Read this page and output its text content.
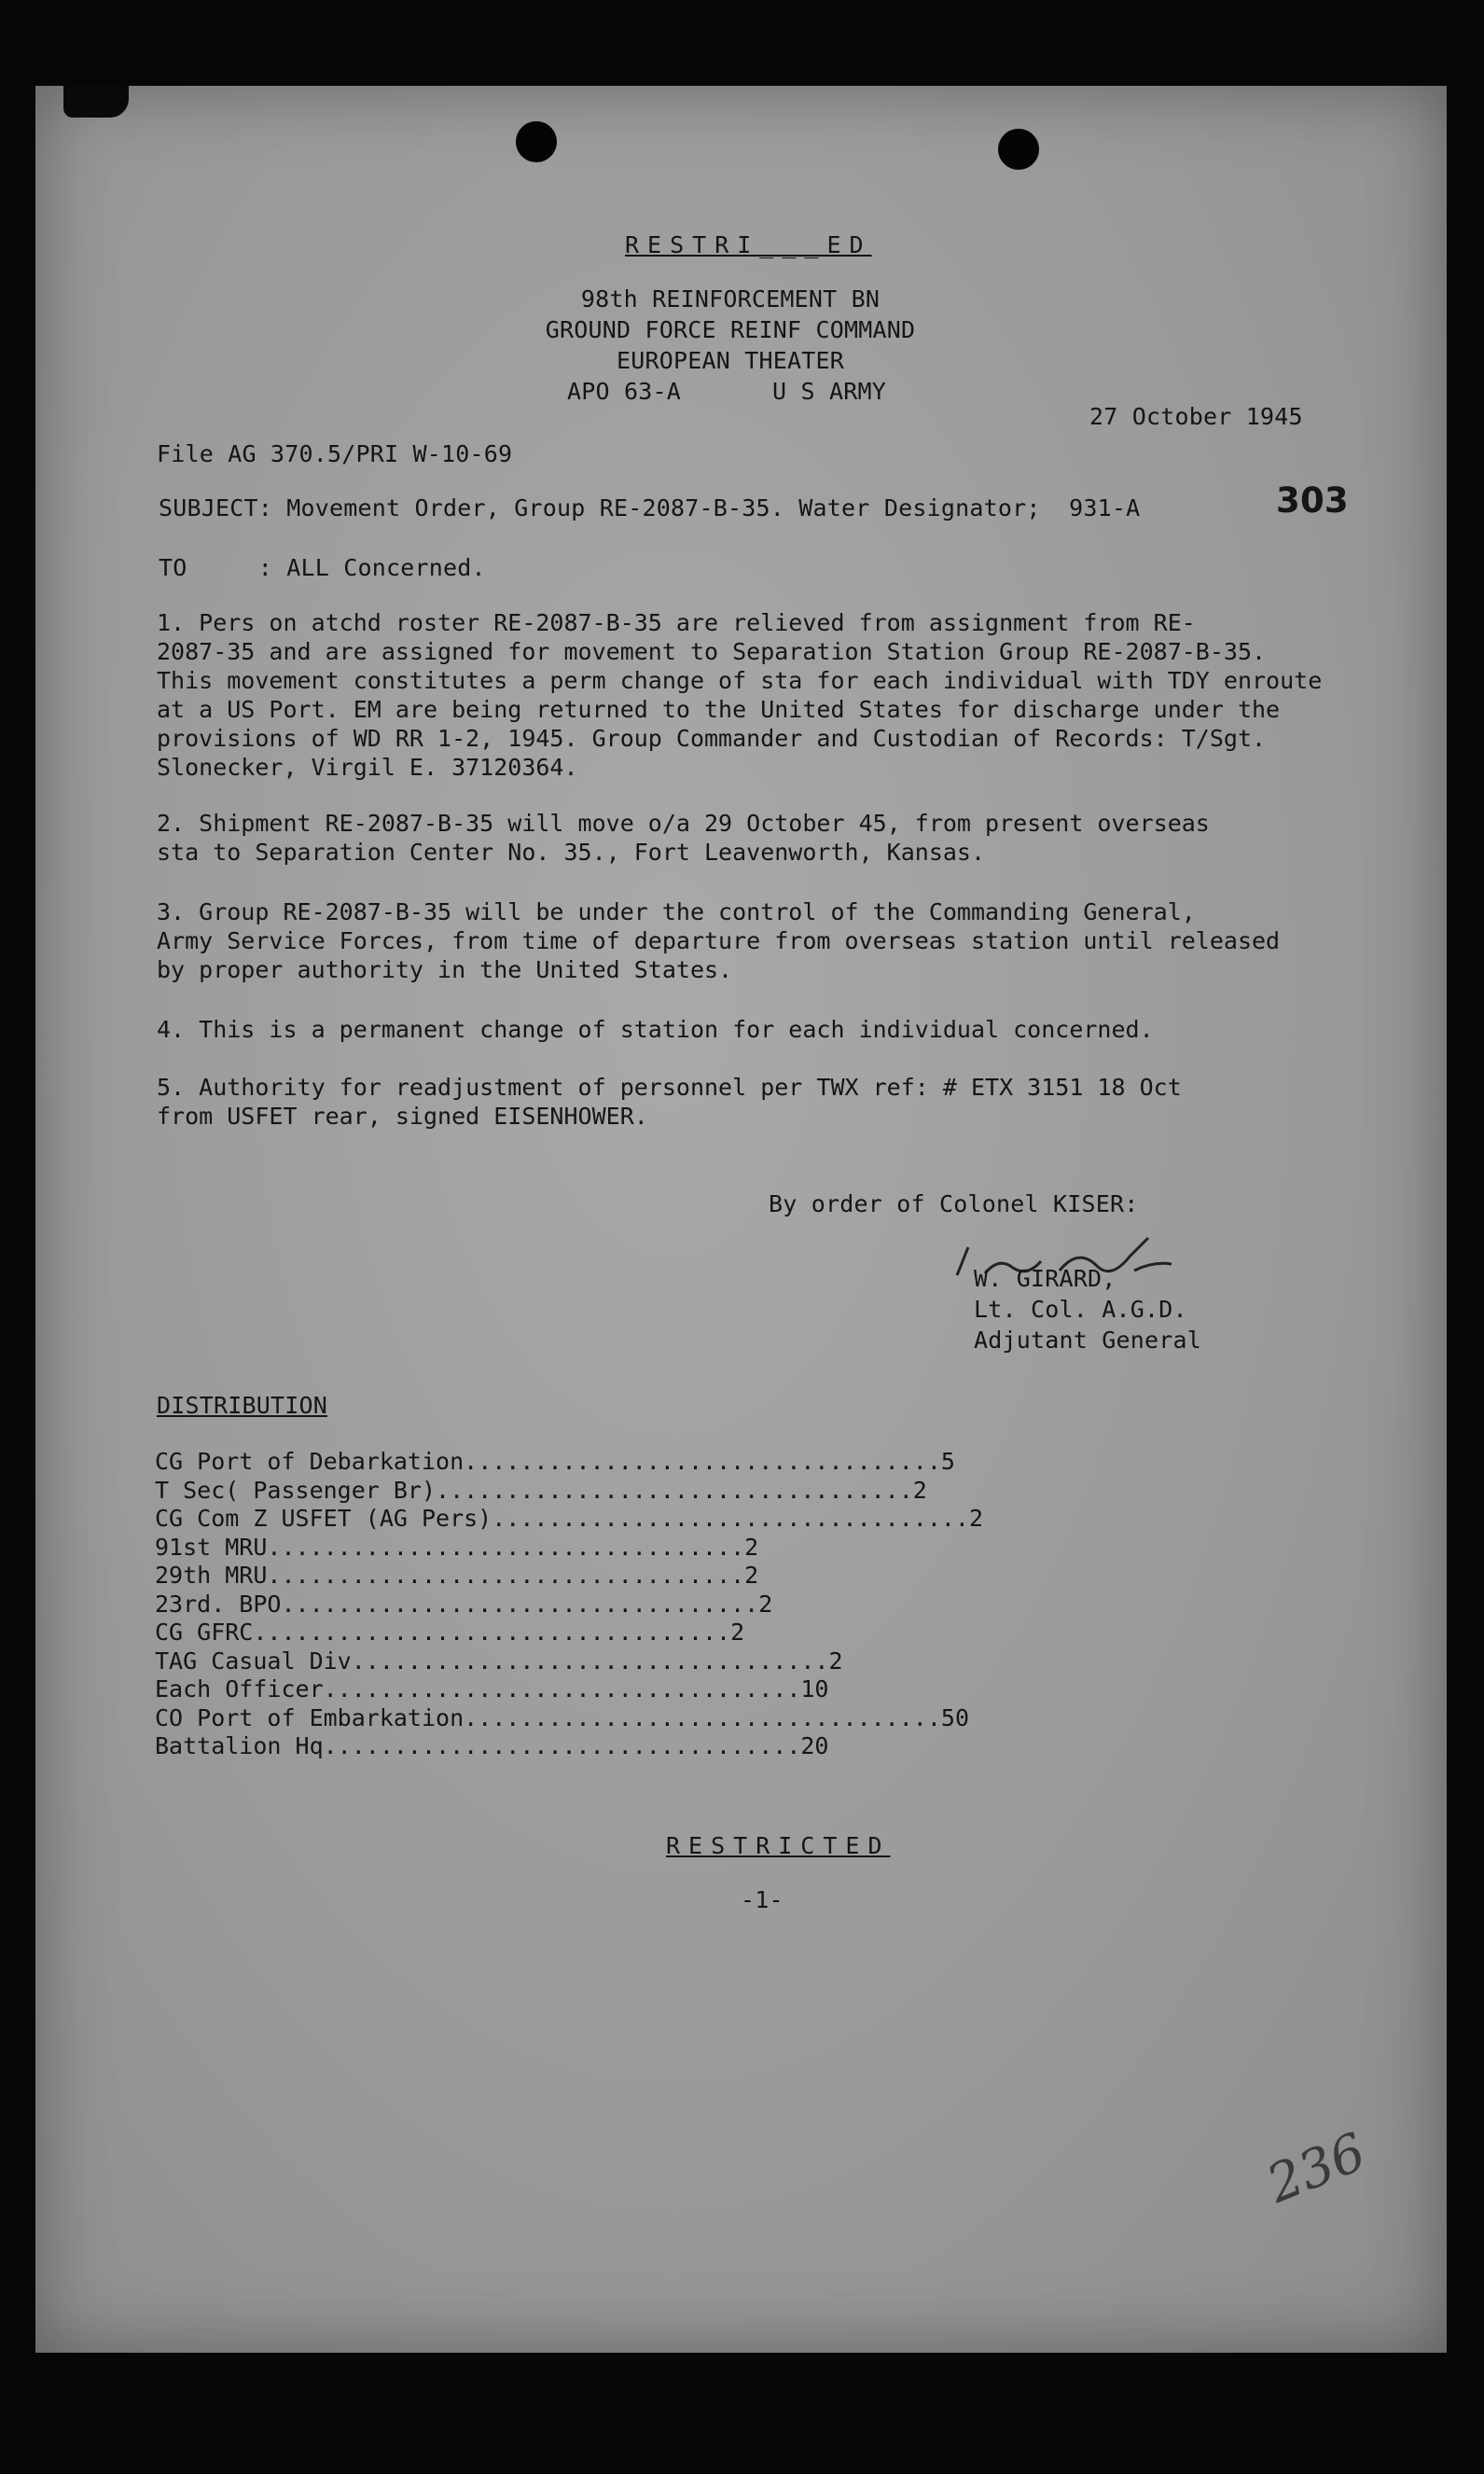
RESTRI___ED
98th REINFORCEMENT BN
GROUND FORCE REINF COMMAND
EUROPEAN THEATER
APO 63-A	U S ARMY
27 October 1945
File AG 370.5/PRI W-10-69
SUBJECT: Movement Order, Group RE-2087-B-35. Water Designator;  931-A	303
TO     : ALL Concerned.
1. Pers on atchd roster RE-2087-B-35 are relieved from assignment from RE-
2087-35 and are assigned for movement to Separation Station Group RE-2087-B-35.
This movement constitutes a perm change of sta for each individual with TDY enroute
at a US Port. EM are being returned to the United States for discharge under the
provisions of WD RR 1-2, 1945. Group Commander and Custodian of Records: T/Sgt.
Slonecker, Virgil E. 37120364.
2. Shipment RE-2087-B-35 will move o/a 29 October 45, from present overseas
sta to Separation Center No. 35., Fort Leavenworth, Kansas.
3. Group RE-2087-B-35 will be under the control of the Commanding General,
Army Service Forces, from time of departure from overseas station until released
by proper authority in the United States.
4. This is a permanent change of station for each individual concerned.
5. Authority for readjustment of personnel per TWX ref: # ETX 3151 18 Oct
from USFET rear, signed EISENHOWER.
By order of Colonel KISER:
W. GIRARD,
Lt. Col. A.G.D.
Adjutant General
DISTRIBUTION
CG Port of Debarkation .................................. 5
T Sec( Passenger Br) .................................. 2
CG Com Z USFET (AG Pers) .................................. 2
91st MRU .................................. 2
29th MRU .................................. 2
23rd. BPO .................................. 2
CG GFRC .................................. 2
TAG Casual Div .................................. 2
Each Officer .................................. 10
CO Port of Embarkation .................................. 50
Battalion Hq .................................. 20
RESTRICTED
-1-
236
